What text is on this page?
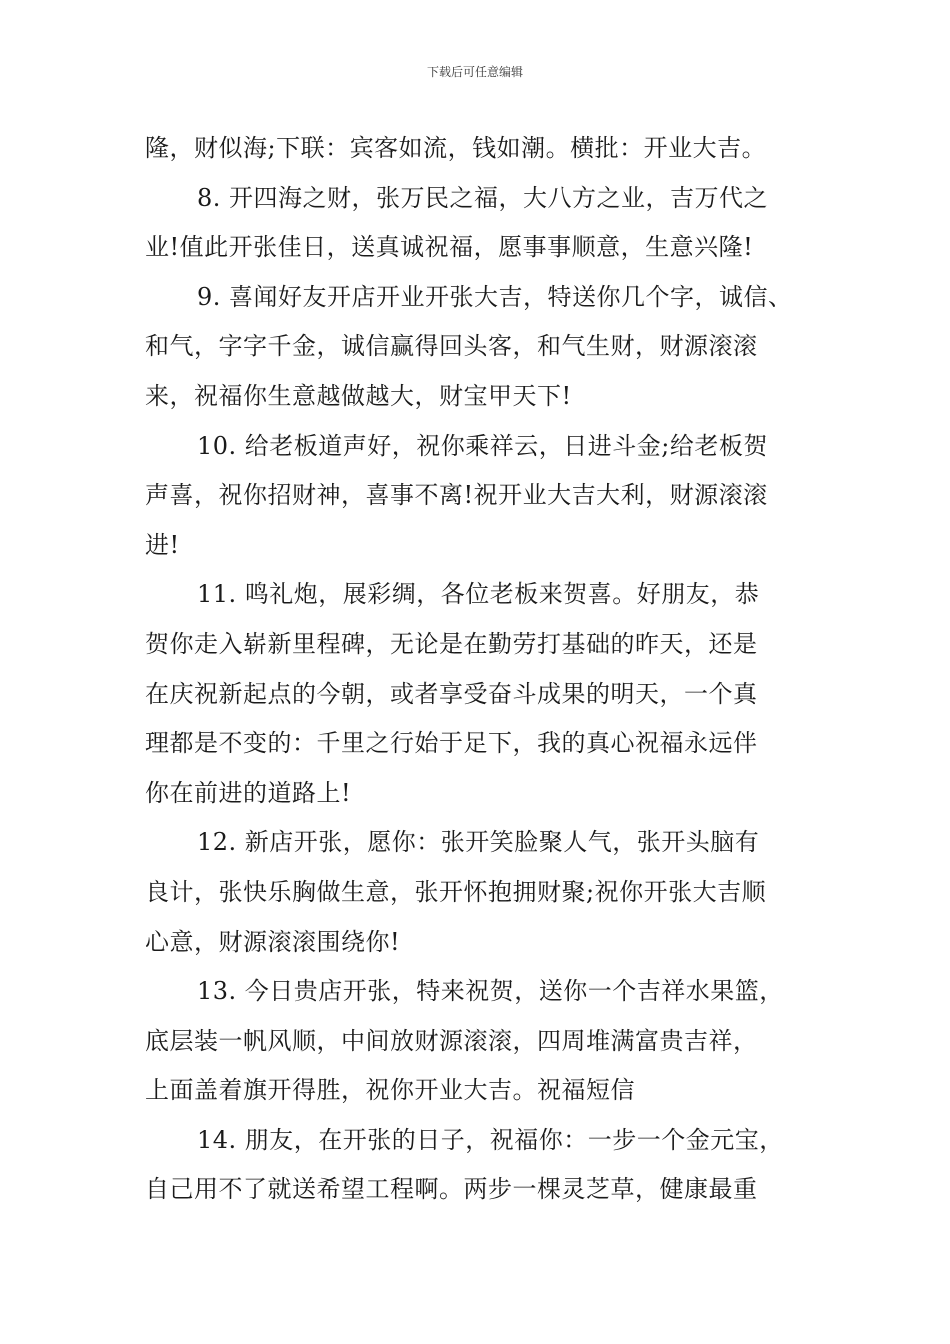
下载后可任意编辑
隆，财似海;下联：宾客如流，钱如潮。横批：开业大吉。
8. 开四海之财，张万民之福，大八方之业，吉万代之
业!值此开张佳日，送真诚祝福，愿事事顺意，生意兴隆!
9. 喜闻好友开店开业开张大吉，特送你几个字，诚信、
和气，字字千金，诚信赢得回头客，和气生财，财源滚滚
来，祝福你生意越做越大，财宝甲天下!
10. 给老板道声好，祝你乘祥云，日进斗金;给老板贺
声喜，祝你招财神，喜事不离!祝开业大吉大利，财源滚滚
进!
11. 鸣礼炮，展彩绸，各位老板来贺喜。好朋友，恭
贺你走入崭新里程碑，无论是在勤劳打基础的昨天，还是
在庆祝新起点的今朝，或者享受奋斗成果的明天，一个真
理都是不变的：千里之行始于足下，我的真心祝福永远伴
你在前进的道路上!
12. 新店开张，愿你：张开笑脸聚人气，张开头脑有
良计，张快乐胸做生意，张开怀抱拥财聚;祝你开张大吉顺
心意，财源滚滚围绕你!
13. 今日贵店开张，特来祝贺，送你一个吉祥水果篮，
底层装一帆风顺，中间放财源滚滚，四周堆满富贵吉祥，
上面盖着旗开得胜，祝你开业大吉。祝福短信
14. 朋友，在开张的日子，祝福你：一步一个金元宝，
自己用不了就送希望工程啊。两步一棵灵芝草，健康最重
